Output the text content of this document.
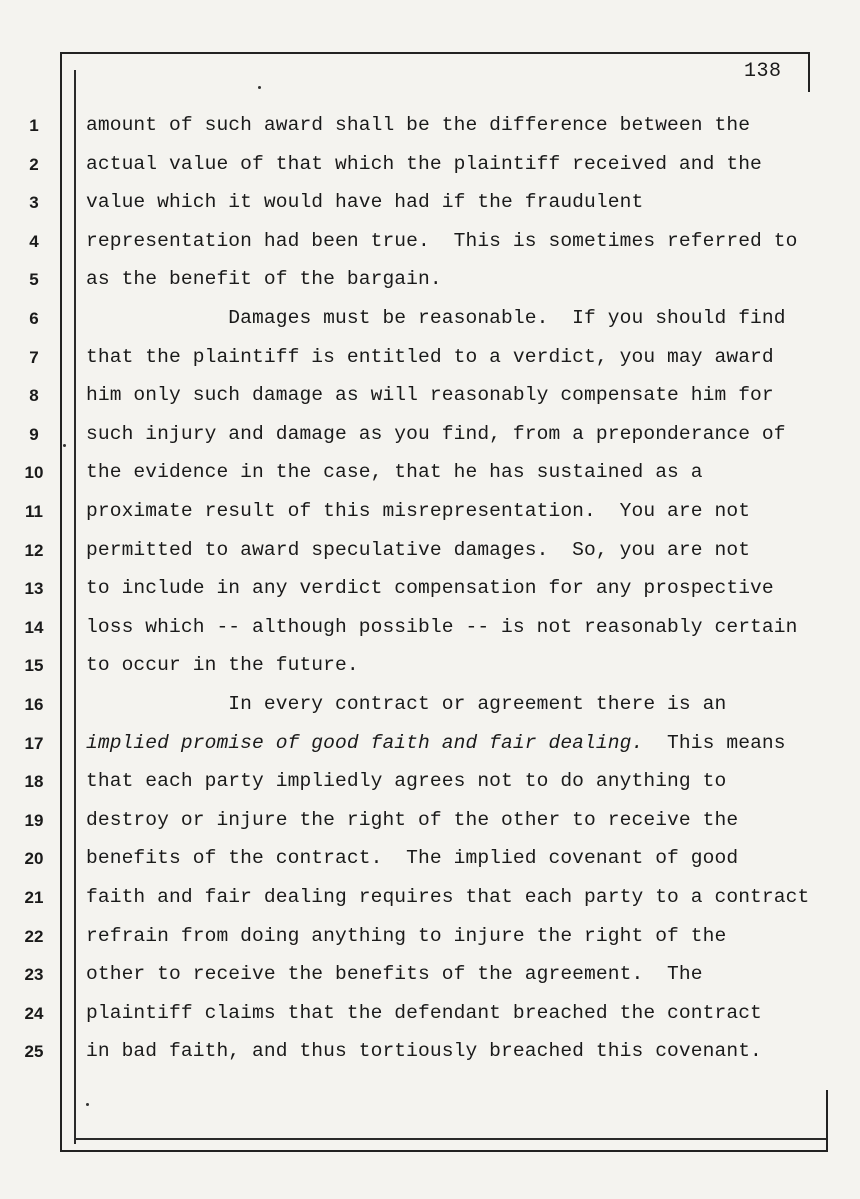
138
1	amount of such award shall be the difference between the
2	actual value of that which the plaintiff received and the
3	value which it would have had if the fraudulent
4	representation had been true.  This is sometimes referred to
5	as the benefit of the bargain.
6	Damages must be reasonable.  If you should find
7	that the plaintiff is entitled to a verdict, you may award
8	him only such damage as will reasonably compensate him for
9	such injury and damage as you find, from a preponderance of
10	the evidence in the case, that he has sustained as a
11	proximate result of this misrepresentation.  You are not
12	permitted to award speculative damages.  So, you are not
13	to include in any verdict compensation for any prospective
14	loss which -- although possible -- is not reasonably certain
15	to occur in the future.
16	In every contract or agreement there is an
17	implied promise of good faith and fair dealing.  This means
18	that each party impliedly agrees not to do anything to
19	destroy or injure the right of the other to receive the
20	benefits of the contract.  The implied covenant of good
21	faith and fair dealing requires that each party to a contract
22	refrain from doing anything to injure the right of the
23	other to receive the benefits of the agreement.  The
24	plaintiff claims that the defendant breached the contract
25	in bad faith, and thus tortiously breached this covenant.
